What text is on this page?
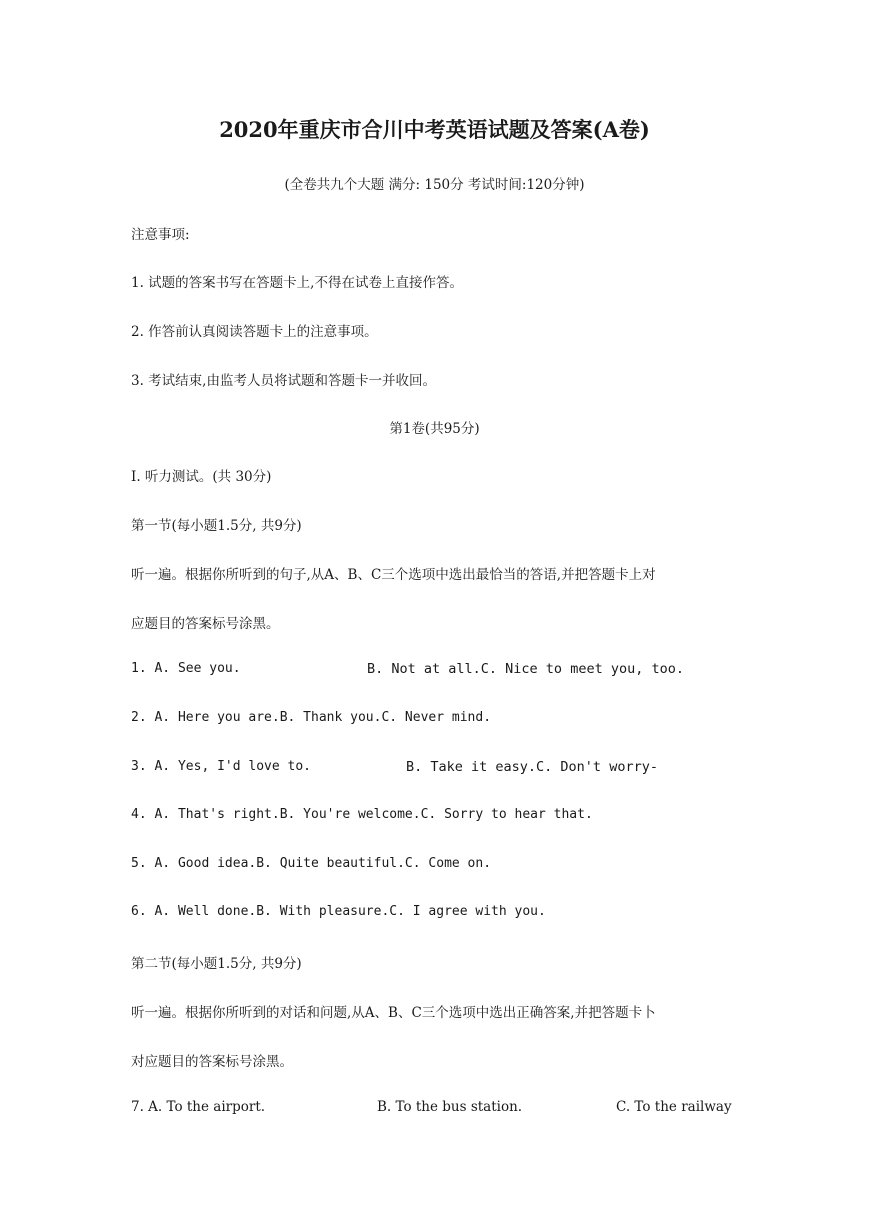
2020年重庆市合川中考英语试题及答案(A卷)
(全卷共九个大题 满分: 150分 考试时间:120分钟)
注意事项:
1. 试题的答案书写在答题卡上,不得在试卷上直接作答。
2. 作答前认真阅读答题卡上的注意事项。
3. 考试结束,由监考人员将试题和答题卡一并收回。
第1卷(共95分)
I. 听力测试。(共 30分)
第一节(每小题1.5分, 共9分)
听一遍。根据你所听到的句子,从A、B、C三个选项中选出最恰当的答语,并把答题卡上对
应题目的答案标号涂黑。
1. A. See you.	B. Not at all.C. Nice to meet you, too.
2. A. Here you are.B. Thank you.C. Never mind.
3. A. Yes, I'd love to.	B. Take it easy.C. Don't worry-
4. A. That's right.B. You're welcome.C. Sorry to hear that.
5. A. Good idea.B. Quite beautiful.C. Come on.
6. A. Well done.B. With pleasure.C. I agree with you.
第二节(每小题1.5分, 共9分)
听一遍。根据你所听到的对话和问题,从A、B、C三个选项中选出正确答案,并把答题卡卜
对应题目的答案标号涂黑。
7. A. To the airport.	B. To the bus station.	C. To the railway
